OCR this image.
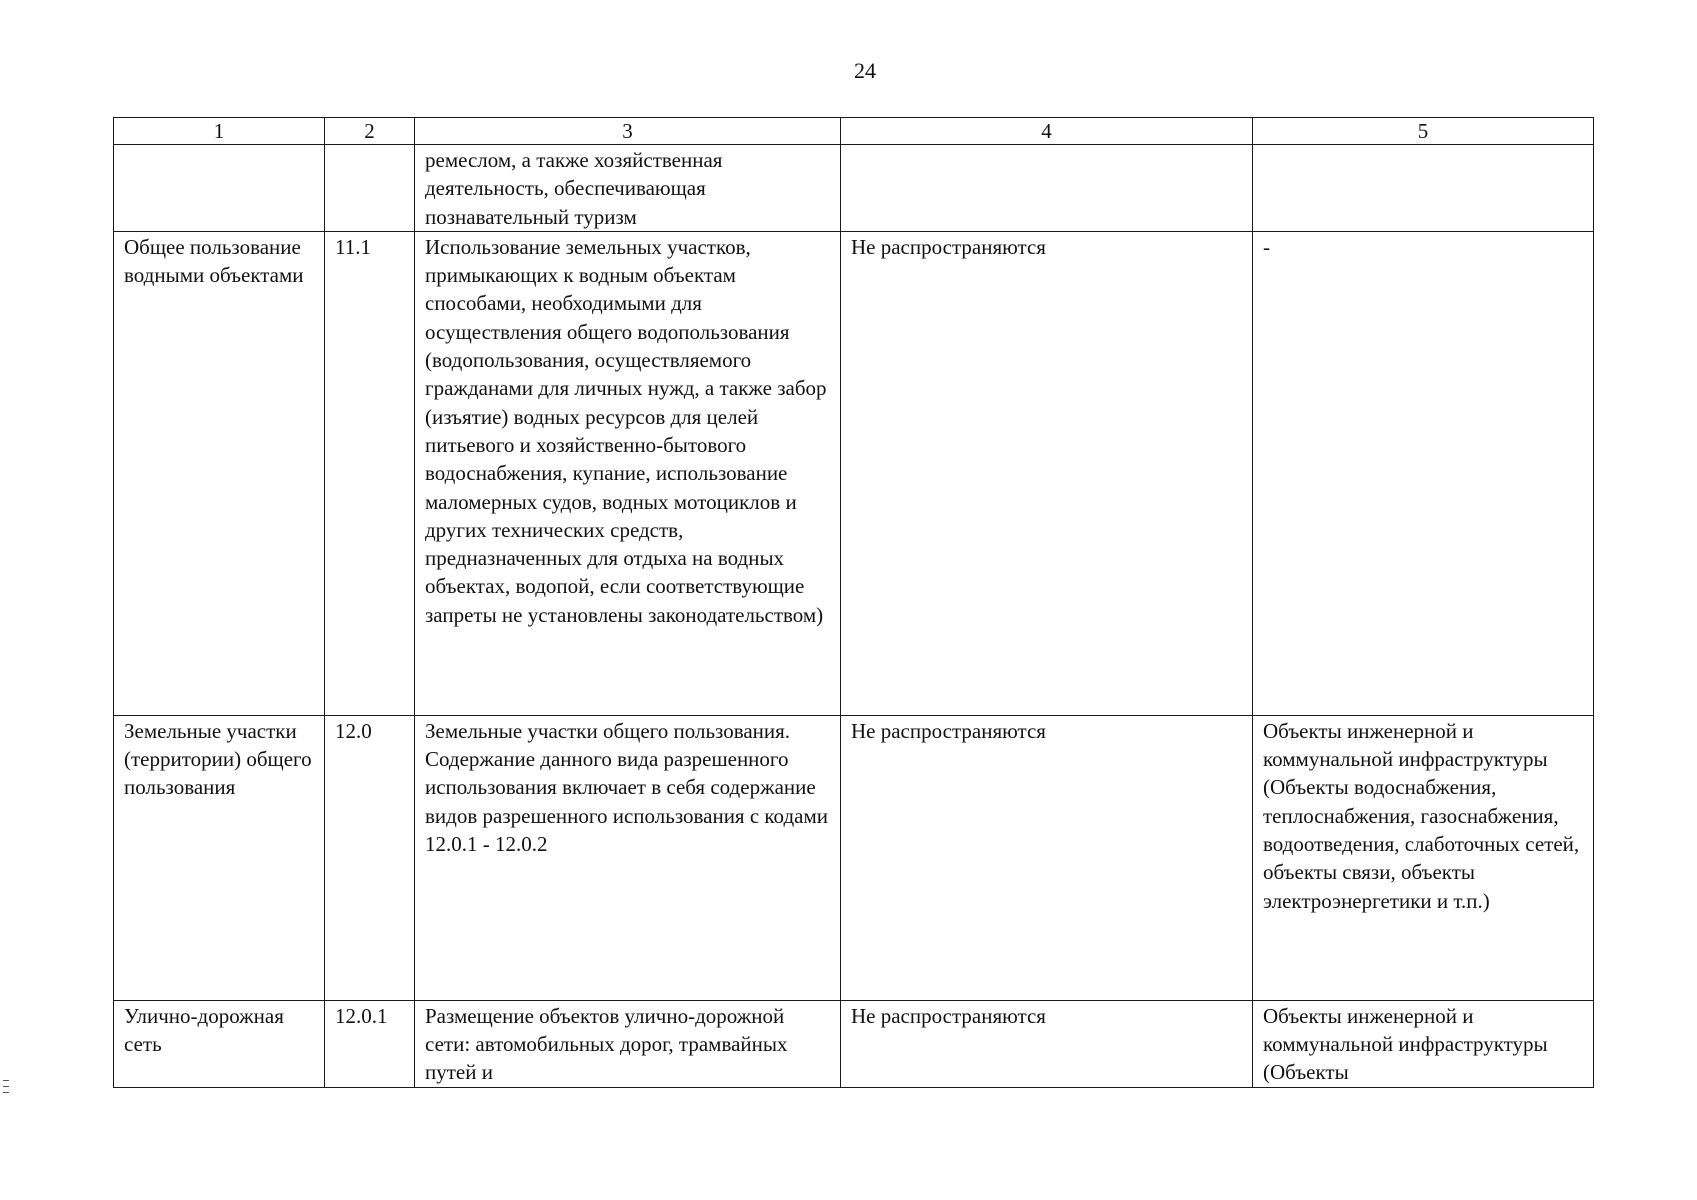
24
1	2	3	4	5

		ремеслом, а также хозяйственная деятельность, обеспечивающая познавательный туризм		

Общее пользование водными объектами	11.1	Использование земельных участков, примыкающих к водным объектам способами, необходимыми для осуществления общего водопользования (водопользования, осуществляемого гражданами для личных нужд, а также забор (изъятие) водных ресурсов для целей питьевого и хозяйственно-бытового водоснабжения, купание, использование маломерных судов, водных мотоциклов и других технических средств, предназначенных для отдыха на водных объектах, водопой, если соответствующие запреты не установлены законодательством)	Не распространяются	-

Земельные участки (территории) общего пользования	12.0	Земельные участки общего пользования. Содержание данного вида разрешенного использования включает в себя содержание видов разрешенного использования с кодами 12.0.1 - 12.0.2	Не распространяются	Объекты инженерной и коммунальной инфраструктуры (Объекты водоснабжения, теплоснабжения, газоснабжения, водоотведения, слаботочных сетей, объекты связи, объекты электроэнергетики и т.п.)

Улично-дорожная сеть	12.0.1	Размещение объектов улично-дорожной сети: автомобильных дорог, трамвайных путей и	Не распространяются	Объекты инженерной и коммунальной инфраструктуры (Объекты
